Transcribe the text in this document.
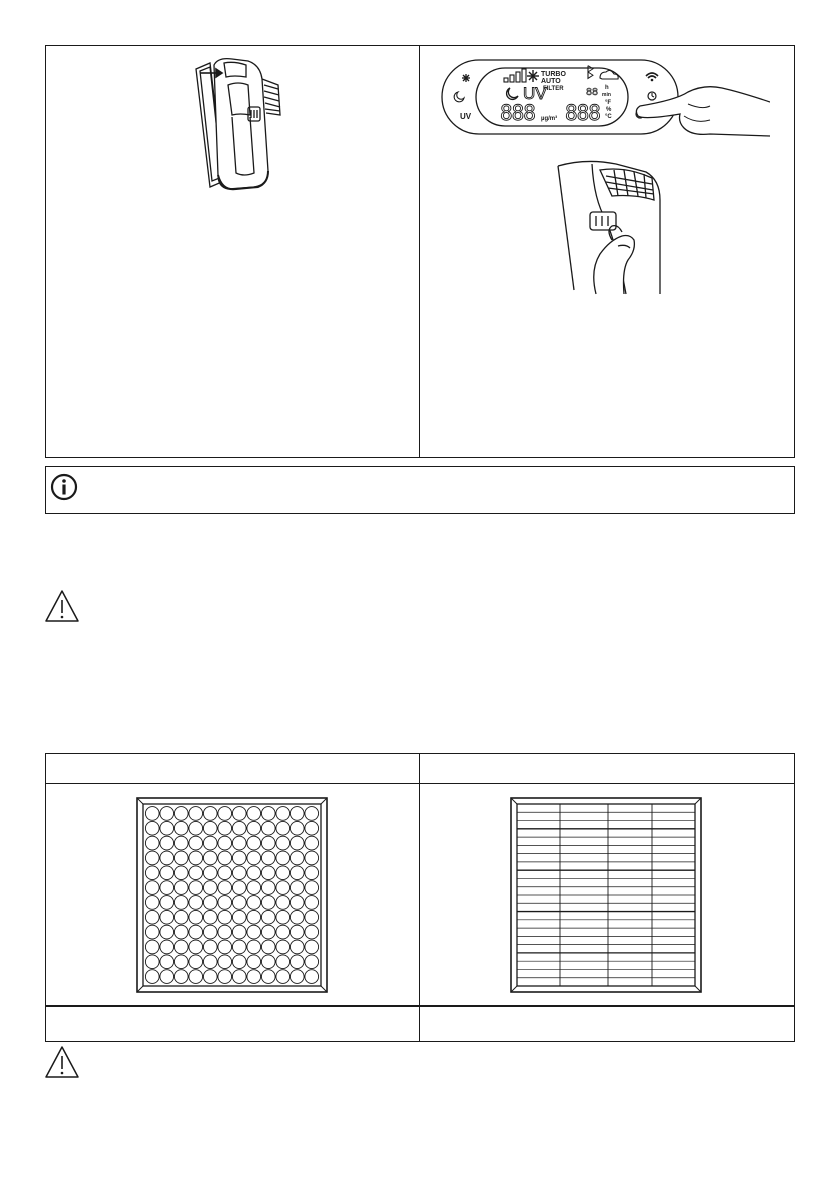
TURBO
AUTO
UV
FILTER
888 µg/m³
88 h
min
888 °F
%
°C
UV
